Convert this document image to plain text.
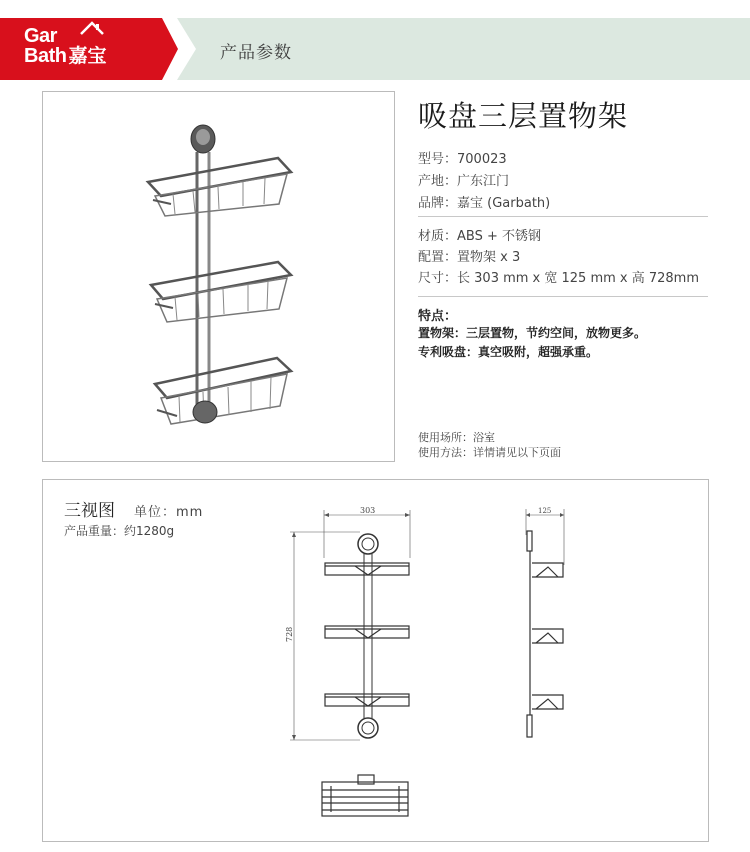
Gar
Bath 嘉宝	产品参数
吸盘三层置物架
型号：700023
产地：广东江门
品牌：嘉宝 (Garbath)
材质：ABS + 不锈钢
配置：置物架 x 3
尺寸：长 303 mm x 宽 125 mm x 高 728mm
特点：
置物架：三层置物，节约空间，放物更多。
专利吸盘：真空吸附，超强承重。
使用场所：浴室
使用方法：详情请见以下页面
三视图 单位：mm
产品重量：约1280g
303
728
125
